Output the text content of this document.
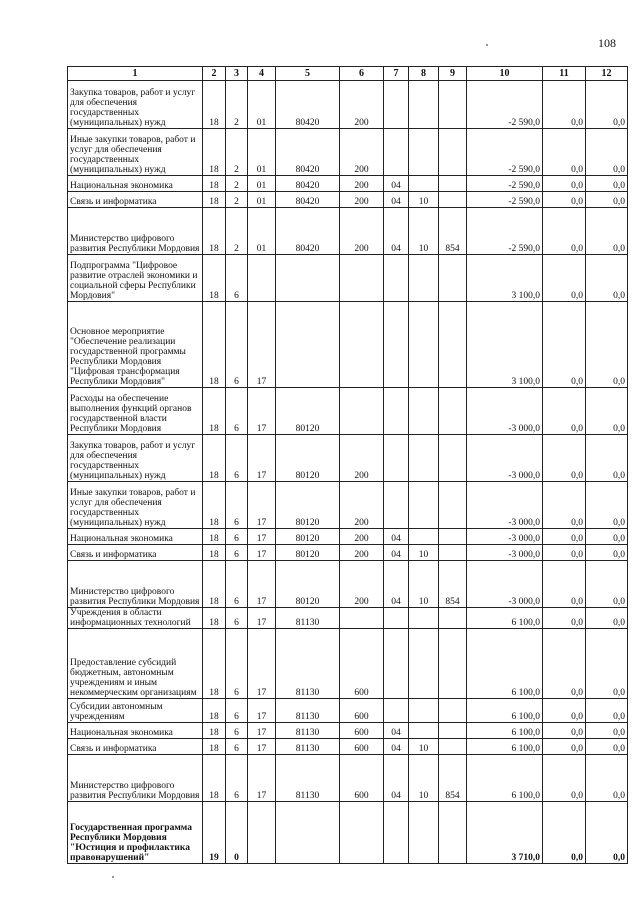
108
1	2	3	4	5	6	7	8	9	10	11	12
Закупка товаров, работ и услуг для обеспечения государственных (муниципальных) нужд	18	2	01	80420	200				-2 590,0	0,0	0,0
Иные закупки товаров, работ и услуг для обеспечения государственных (муниципальных) нужд	18	2	01	80420	200				-2 590,0	0,0	0,0
Национальная экономика	18	2	01	80420	200	04			-2 590,0	0,0	0,0
Связь и информатика	18	2	01	80420	200	04	10		-2 590,0	0,0	0,0
Министерство цифрового развития Республики Мордовия	18	2	01	80420	200	04	10	854	-2 590,0	0,0	0,0
Подпрограмма "Цифровое развитие отраслей экономики и социальной сферы Республики Мордовия"	18	6							3 100,0	0,0	0,0
Основное мероприятие "Обеспечение реализации государственной программы Республики Мордовия "Цифровая трансформация Республики Мордовия"	18	6	17						3 100,0	0,0	0,0
Расходы на обеспечение выполнения функций органов государственной власти Республики Мордовия	18	6	17	80120					-3 000,0	0,0	0,0
Закупка товаров, работ и услуг для обеспечения государственных (муниципальных) нужд	18	6	17	80120	200				-3 000,0	0,0	0,0
Иные закупки товаров, работ и услуг для обеспечения государственных (муниципальных) нужд	18	6	17	80120	200				-3 000,0	0,0	0,0
Национальная экономика	18	6	17	80120	200	04			-3 000,0	0,0	0,0
Связь и информатика	18	6	17	80120	200	04	10		-3 000,0	0,0	0,0
Министерство цифрового развития Республики Мордовия	18	6	17	80120	200	04	10	854	-3 000,0	0,0	0,0
Учреждения в области информационных технологий	18	6	17	81130					6 100,0	0,0	0,0
Предоставление субсидий бюджетным, автономным учреждениям и иным некоммерческим организациям	18	6	17	81130	600				6 100,0	0,0	0,0
Субсидии автономным учреждениям	18	6	17	81130	600				6 100,0	0,0	0,0
Национальная экономика	18	6	17	81130	600	04			6 100,0	0,0	0,0
Связь и информатика	18	6	17	81130	600	04	10		6 100,0	0,0	0,0
Министерство цифрового развития Республики Мордовия	18	6	17	81130	600	04	10	854	6 100,0	0,0	0,0
Государственная программа Республики Мордовия "Юстиция и профилактика правонарушений"	19	0							3 710,0	0,0	0,0
